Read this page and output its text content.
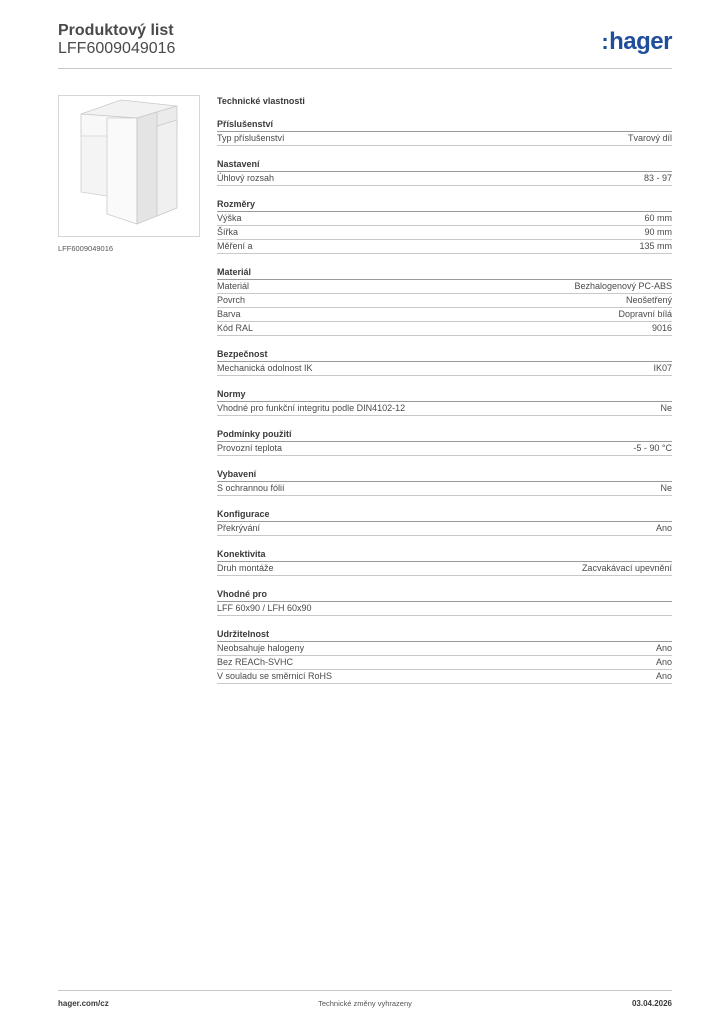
Produktový list
LFF6009049016	:hager
LFF6009049016
Technické vlastnosti
Příslušenství
Typ příslušenství	Tvarový díl
Nastavení
Úhlový rozsah	83 - 97
Rozměry
Výška	60 mm
Šířka	90 mm
Měření a	135 mm
Materiál
Materiál	Bezhalogenový PC-ABS
Povrch	Neošetřený
Barva	Dopravní bílá
Kód RAL	9016
Bezpečnost
Mechanická odolnost IK	IK07
Normy
Vhodné pro funkční integritu podle DIN4102-12	Ne
Podmínky použití
Provozní teplota	-5 - 90 °C
Vybavení
S ochrannou fólií	Ne
Konfigurace
Překrývání	Ano
Konektivita
Druh montáže	Zacvakávací upevnění
Vhodné pro
LFF 60x90 / LFH 60x90
Udržitelnost
Neobsahuje halogeny	Ano
Bez REACh-SVHC	Ano
V souladu se směrnicí RoHS	Ano
hager.com/cz	Technické změny vyhrazeny	03.04.2026
